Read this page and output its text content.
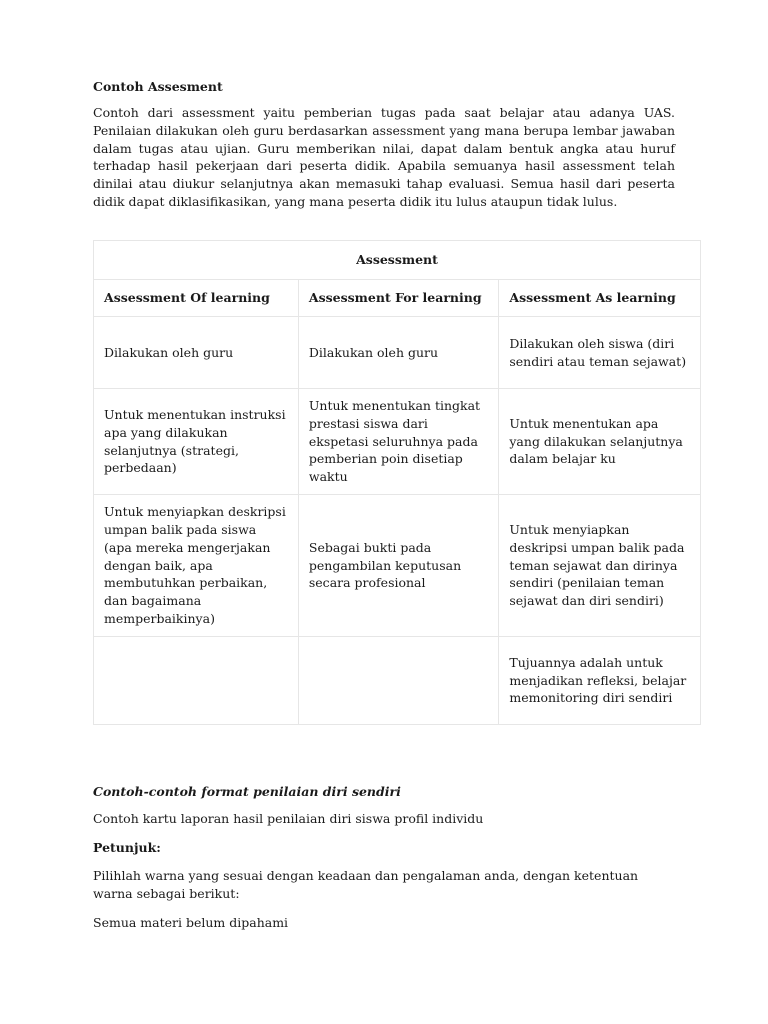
Contoh Assesment

Contoh dari assessment yaitu pemberian tugas pada saat belajar atau adanya UAS. Penilaian dilakukan oleh guru berdasarkan assessment yang mana berupa lembar jawaban dalam tugas atau ujian. Guru memberikan nilai, dapat dalam bentuk angka atau huruf terhadap hasil pekerjaan dari peserta didik. Apabila semuanya hasil assessment telah dinilai atau diukur selanjutnya akan memasuki tahap evaluasi. Semua hasil dari peserta didik dapat diklasifikasikan, yang mana peserta didik itu lulus ataupun tidak lulus.

Assessment		
Assessment Of learning	Assessment For learning	Assessment As learning
Dilakukan oleh guru	Dilakukan oleh guru	Dilakukan oleh siswa (diri sendiri atau teman sejawat)
Untuk menentukan instruksi apa yang dilakukan selanjutnya (strategi, perbedaan)	Untuk menentukan tingkat prestasi siswa dari ekspetasi seluruhnya pada pemberian poin disetiap waktu	Untuk menentukan apa yang dilakukan selanjutnya dalam belajar ku
Untuk menyiapkan deskripsi umpan balik pada siswa (apa mereka mengerjakan dengan baik, apa membutuhkan perbaikan, dan bagaimana memperbaikinya)	Sebagai bukti pada pengambilan keputusan secara profesional	Untuk menyiapkan deskripsi umpan balik pada teman sejawat dan dirinya sendiri (penilaian teman sejawat dan diri sendiri)
		Tujuannya adalah untuk menjadikan refleksi, belajar memonitoring diri sendiri

Contoh-contoh format penilaian diri sendiri

Contoh kartu laporan hasil penilaian diri siswa profil individu

Petunjuk:

Pilihlah warna yang sesuai dengan keadaan dan pengalaman anda, dengan ketentuan warna sebagai berikut:

Semua materi belum dipahami
